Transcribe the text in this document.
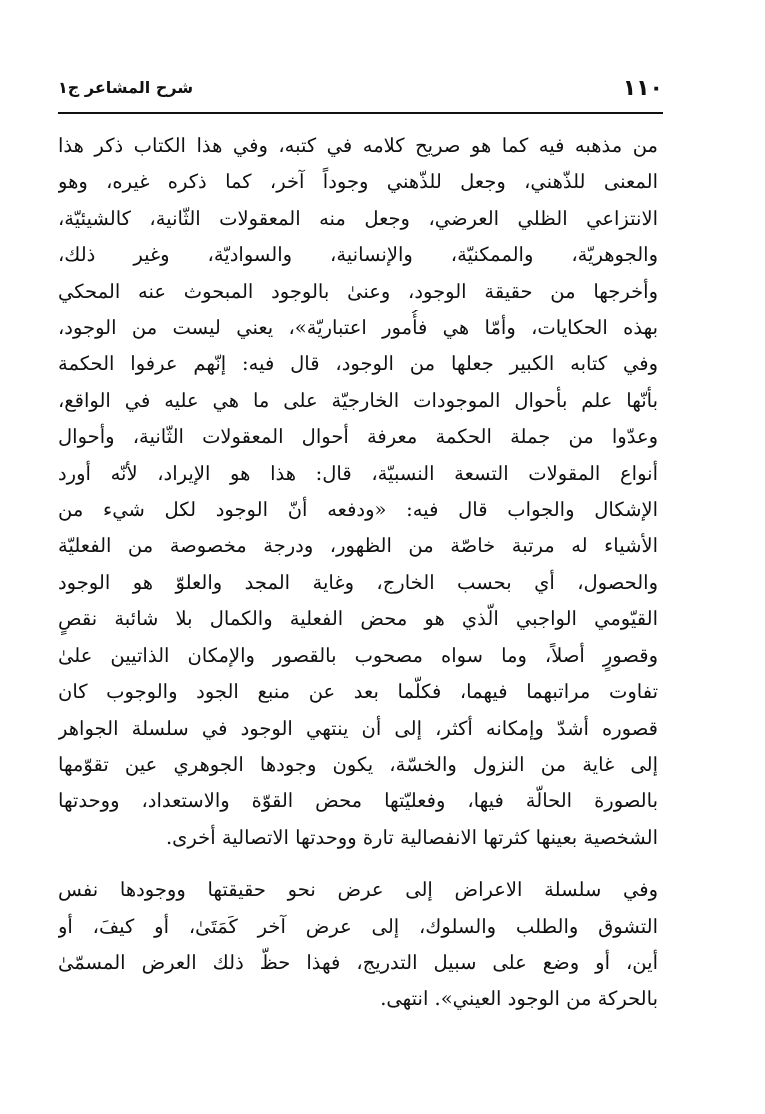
١١٠
شرح المشاعر ج١
من مذهبه فيه كما هو صريح كلامه في كتبه، وفي هذا الكتاب ذكر هذا
المعنى للذّهني، وجعل للذّهني وجوداً آخر، كما ذكره غيره، وهو
الانتزاعي الظلي العرضي، وجعل منه المعقولات الثّانية، كالشيئيّة،
والجوهريّة، والممكنيّة، والإنسانية، والسواديّة، وغير ذلك،
وأخرجها من حقيقة الوجود، وعنىٰ بالوجود المبحوث عنه المحكي
بهذه الحكايات، وأمّا هي فأُمور اعتباريّة»، يعني ليست من الوجود،
وفي كتابه الكبير جعلها من الوجود، قال فيه: إنّهم عرفوا الحكمة
بأنّها علم بأحوال الموجودات الخارجيّة على ما هي عليه في الواقع،
وعدّوا من جملة الحكمة معرفة أحوال المعقولات الثّانية، وأحوال
أنواع المقولات التسعة النسبيّة، قال: هذا هو الإيراد، لأنّه أورد
الإشكال والجواب قال فيه: «ودفعه أنّ الوجود لكل شيء من
الأشياء له مرتبة خاصّة من الظهور، ودرجة مخصوصة من الفعليّة
والحصول، أي بحسب الخارج، وغاية المجد والعلوّ هو الوجود
القيّومي الواجبي الّذي هو محض الفعلية والكمال بلا شائبة نقصٍ
وقصورٍ أصلاً، وما سواه مصحوب بالقصور والإمكان الذاتيين علىٰ
تفاوت مراتبهما فيهما، فكلّما بعد عن منبع الجود والوجوب كان
قصوره أشدّ وإمكانه أكثر، إلى أن ينتهي الوجود في سلسلة الجواهر
إلى غاية من النزول والخسّة، يكون وجودها الجوهري عين تقوّمها
بالصورة الحالّة فيها، وفعليّتها محض القوّة والاستعداد، ووحدتها
الشخصية بعينها كثرتها الانفصالية تارة ووحدتها الاتصالية أخرى.
وفي سلسلة الاعراض إلى عرض نحو حقيقتها ووجودها نفس
التشوق والطلب والسلوك، إلى عرض آخر كَمَتَىٰ، أو كيفَ، أو
أين، أو وضع على سبيل التدريج، فهذا حظّ ذلك العرض المسمّىٰ
بالحركة من الوجود العيني». انتهى.
